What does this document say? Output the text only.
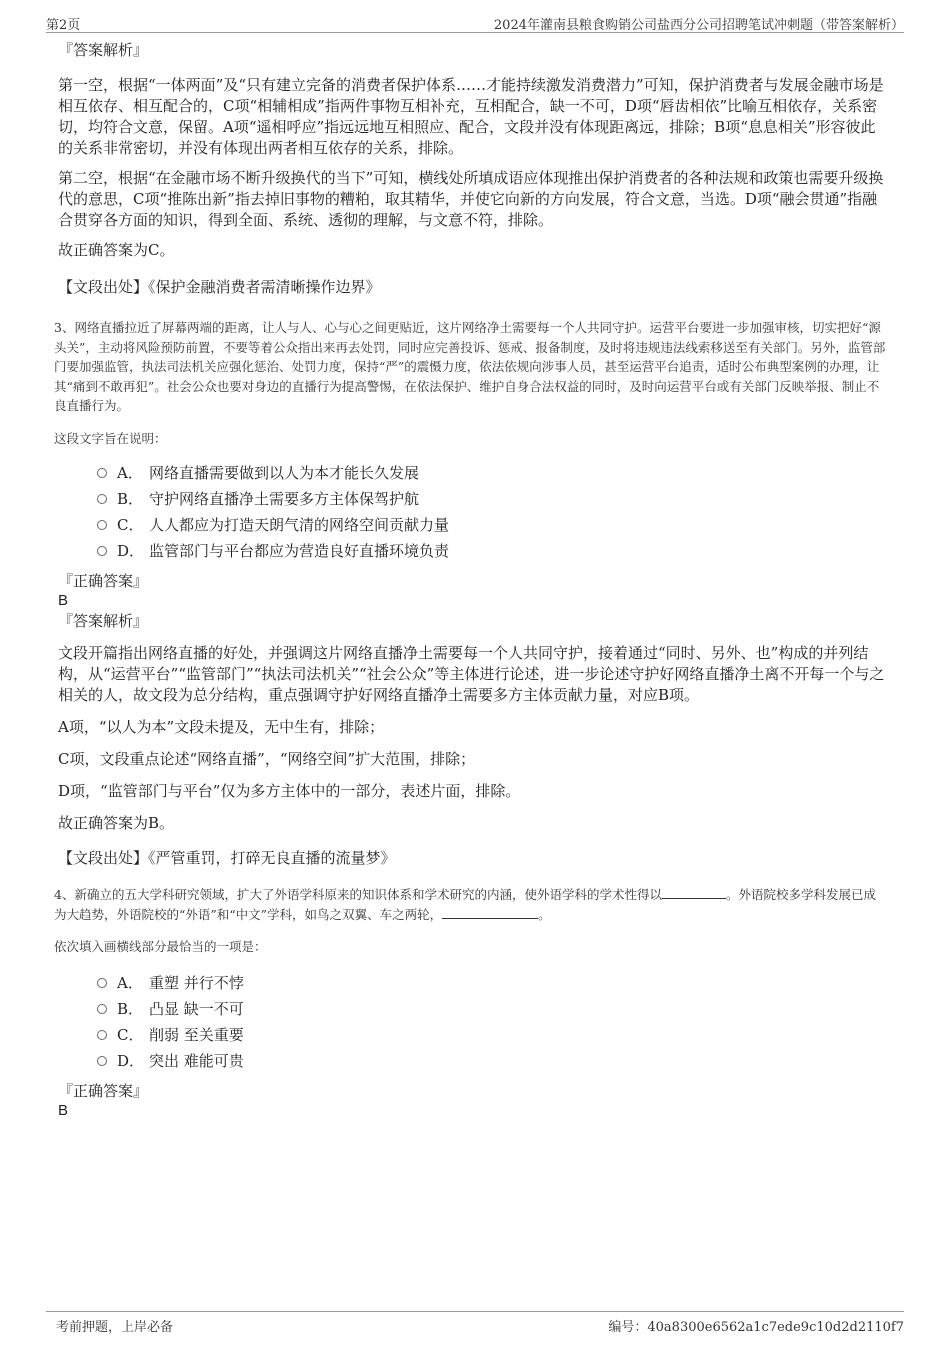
第2页	2024年灌南县粮食购销公司盐西分公司招聘笔试冲刺题（带答案解析）

『答案解析』

第一空，根据“一体两面”及“只有建立完备的消费者保护体系……才能持续激发消费潜力”可知，保护消费者与发展金融市场是相互依存、相互配合的，C项“相辅相成”指两件事物互相补充，互相配合，缺一不可，D项“唇齿相依”比喻互相依存，关系密切，均符合文意，保留。A项“遥相呼应”指远远地互相照应、配合，文段并没有体现距离远，排除；B项“息息相关”形容彼此的关系非常密切，并没有体现出两者相互依存的关系，排除。

第二空，根据“在金融市场不断升级换代的当下”可知，横线处所填成语应体现推出保护消费者的各种法规和政策也需要升级换代的意思，C项“推陈出新”指去掉旧事物的糟粕，取其精华，并使它向新的方向发展，符合文意，当选。D项“融会贯通”指融合贯穿各方面的知识，得到全面、系统、透彻的理解，与文意不符，排除。

故正确答案为C。

【文段出处】《保护金融消费者需清晰操作边界》

3、网络直播拉近了屏幕两端的距离，让人与人、心与心之间更贴近，这片网络净土需要每一个人共同守护。运营平台要进一步加强审核，切实把好“源头关”，主动将风险预防前置，不要等着公众指出来再去处罚，同时应完善投诉、惩戒、报备制度，及时将违规违法线索移送至有关部门。另外，监管部门要加强监管，执法司法机关应强化惩治、处罚力度，保持“严”的震慑力度，依法依规向涉事人员，甚至运营平台追责，适时公布典型案例的办理，让其“痛到不敢再犯”。社会公众也要对身边的直播行为提高警惕，在依法保护、维护自身合法权益的同时，及时向运营平台或有关部门反映举报、制止不良直播行为。

这段文字旨在说明：

A． 网络直播需要做到以人为本才能长久发展
B． 守护网络直播净土需要多方主体保驾护航
C． 人人都应为打造天朗气清的网络空间贡献力量
D． 监管部门与平台都应为营造良好直播环境负责

『正确答案』

B

『答案解析』

文段开篇指出网络直播的好处，并强调这片网络直播净土需要每一个人共同守护，接着通过“同时、另外、也”构成的并列结构，从“运营平台”“监管部门”“执法司法机关”“社会公众”等主体进行论述，进一步论述守护好网络直播净土离不开每一个与之相关的人，故文段为总分结构，重点强调守护好网络直播净土需要多方主体贡献力量，对应B项。

A项，“以人为本”文段未提及，无中生有，排除；

C项，文段重点论述“网络直播”，“网络空间”扩大范围，排除；

D项，“监管部门与平台”仅为多方主体中的一部分，表述片面，排除。

故正确答案为B。

【文段出处】《严管重罚，打碎无良直播的流量梦》

4、新确立的五大学科研究领域，扩大了外语学科原来的知识体系和学术研究的内涵，使外语学科的学术性得以	。外语院校多学科发展已成为大趋势，外语院校的“外语”和“中文”学科，如鸟之双翼、车之两轮，	。

依次填入画横线部分最恰当的一项是：

A． 重塑 并行不悖
B． 凸显 缺一不可
C． 削弱 至关重要
D． 突出 难能可贵

『正确答案』

B

考前押题，上岸必备	编号：40a8300e6562a1c7ede9c10d2d2110f7
